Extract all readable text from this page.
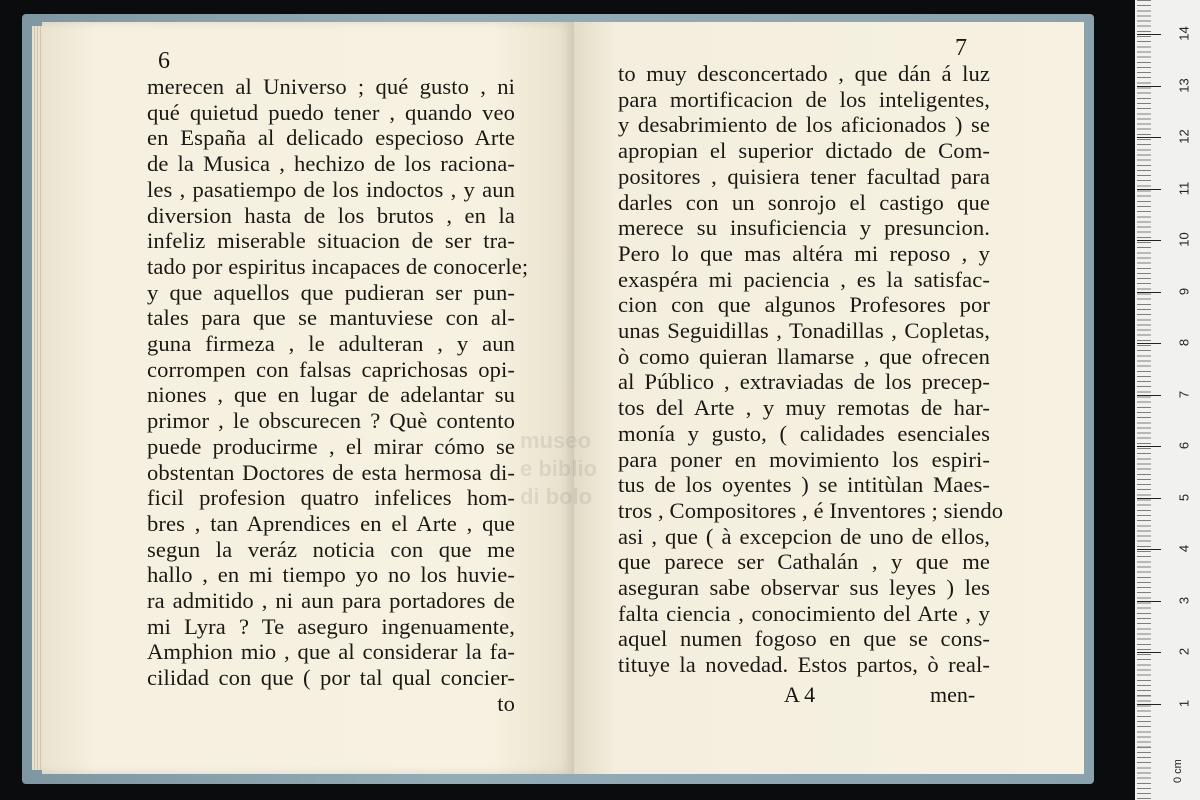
6	7
merecen al Universo ; qué gusto , ni
qué quietud puedo tener , quando veo
en España al delicado especioso Arte
de la Musica , hechizo de los raciona-
les , pasatiempo de los indoctos , y aun
diversion hasta de los brutos , en la
infeliz miserable situacion de ser tra-
tado por espiritus incapaces de conocerle;
y que aquellos que pudieran ser pun-
tales para que se mantuviese con al-
guna firmeza , le adulteran , y aun
corrompen con falsas caprichosas opi-
niones , que en lugar de adelantar su
primor , le obscurecen ? Què contento
puede producirme , el mirar cómo se
obstentan Doctores de esta hermosa di-
ficil profesion quatro infelices hom-
bres , tan Aprendices en el Arte , que
segun la veráz noticia con que me
hallo , en mi tiempo yo no los huvie-
ra admitido , ni aun para portadores de
mi Lyra ? Te aseguro ingenuamente,
Amphion mio , que al considerar la fa-
cilidad con que ( por tal qual concier-
to
to muy desconcertado , que dán á luz
para mortificacion de los inteligentes,
y desabrimiento de los aficionados ) se
apropian el superior dictado de Com-
positores , quisiera tener facultad para
darles con un sonrojo el castigo que
merece su insuficiencia y presuncion.
Pero lo que mas altéra mi reposo , y
exaspéra mi paciencia , es la satisfac-
cion con que algunos Profesores por
unas Seguidillas , Tonadillas , Copletas,
ò como quieran llamarse , que ofrecen
al Público , extraviadas de los precep-
tos del Arte , y muy remotas de har-
monía y gusto, ( calidades esenciales
para poner en movimiento los espiri-
tus de los oyentes ) se intitùlan Maes-
tros , Compositores , é Inventores ; siendo
asi , que ( à excepcion de uno de ellos,
que parece ser Cathalán , y que me
aseguran sabe observar sus leyes ) les
falta ciencia , conocimiento del Arte , y
aquel numen fogoso en que se cons-
tituye la novedad. Estos partos, ò real-
A 4	men-
14
13
12
11
10
9
8
7
6
5
4
3
2
1
0 cm
